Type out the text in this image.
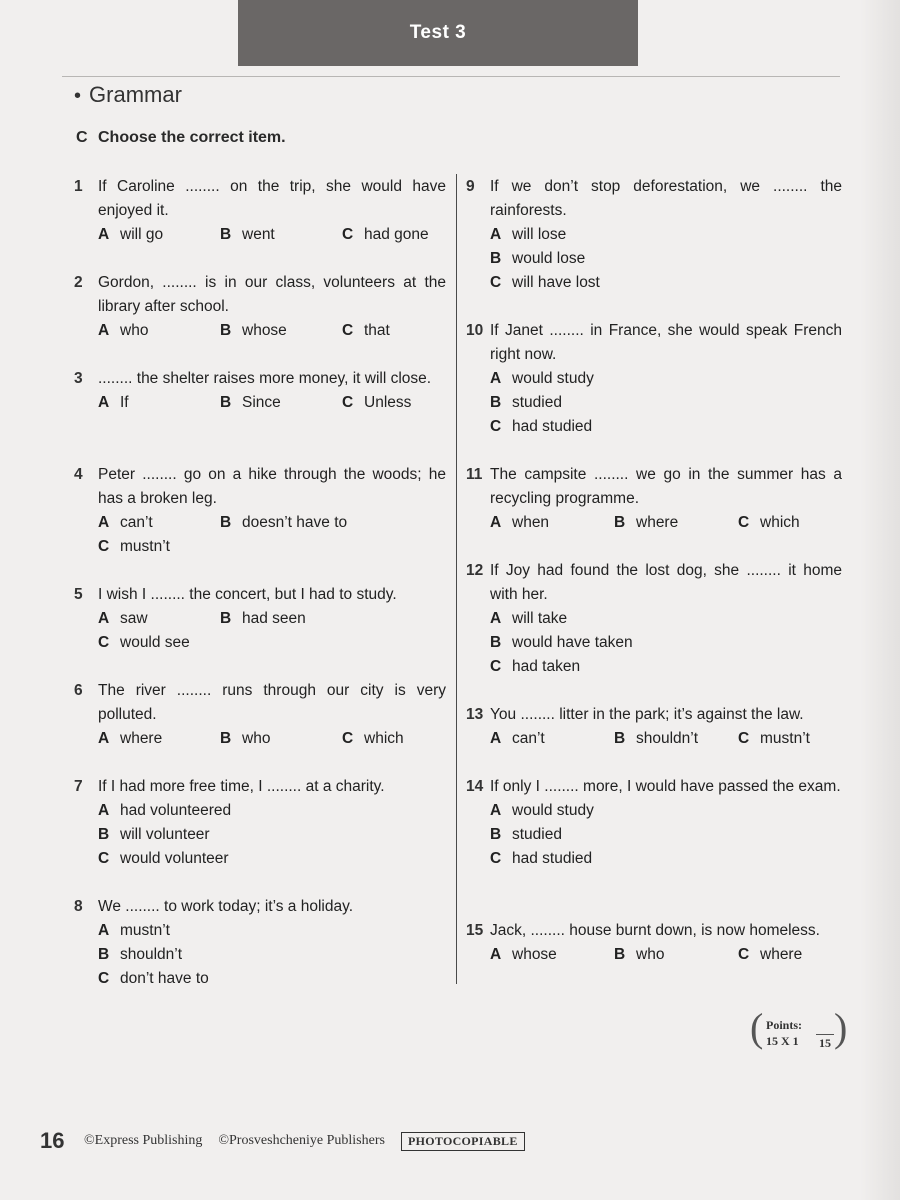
Test 3
• Grammar
C Choose the correct item.
1 If Caroline ........ on the trip, she would have enjoyed it.
A will go	B went	C had gone
2 Gordon, ........ is in our class, volunteers at the library after school.
A who	B whose	C that
3 ........ the shelter raises more money, it will close.
A If	B Since	C Unless
4 Peter ........ go on a hike through the woods; he has a broken leg.
A can’t	B doesn’t have to
C mustn’t
5 I wish I ........ the concert, but I had to study.
A saw	B had seen
C would see
6 The river ........ runs through our city is very polluted.
A where	B who	C which
7 If I had more free time, I ........ at a charity.
A had volunteered
B will volunteer
C would volunteer
8 We ........ to work today; it’s a holiday.
A mustn’t
B shouldn’t
C don’t have to
9 If we don’t stop deforestation, we ........ the rainforests.
A will lose
B would lose
C will have lost
10 If Janet ........ in France, she would speak French right now.
A would study
B studied
C had studied
11 The campsite ........ we go in the summer has a recycling programme.
A when	B where	C which
12 If Joy had found the lost dog, she ........ it home with her.
A will take
B would have taken
C had taken
13 You ........ litter in the park; it’s against the law.
A can’t	B shouldn’t	C mustn’t
14 If only I ........ more, I would have passed the exam.
A would study
B studied
C had studied
15 Jack, ........ house burnt down, is now homeless.
A whose	B who	C where
( Points:
15 X 1 15 )
16 ©Express Publishing ©Prosveshcheniye Publishers PHOTOCOPIABLE
